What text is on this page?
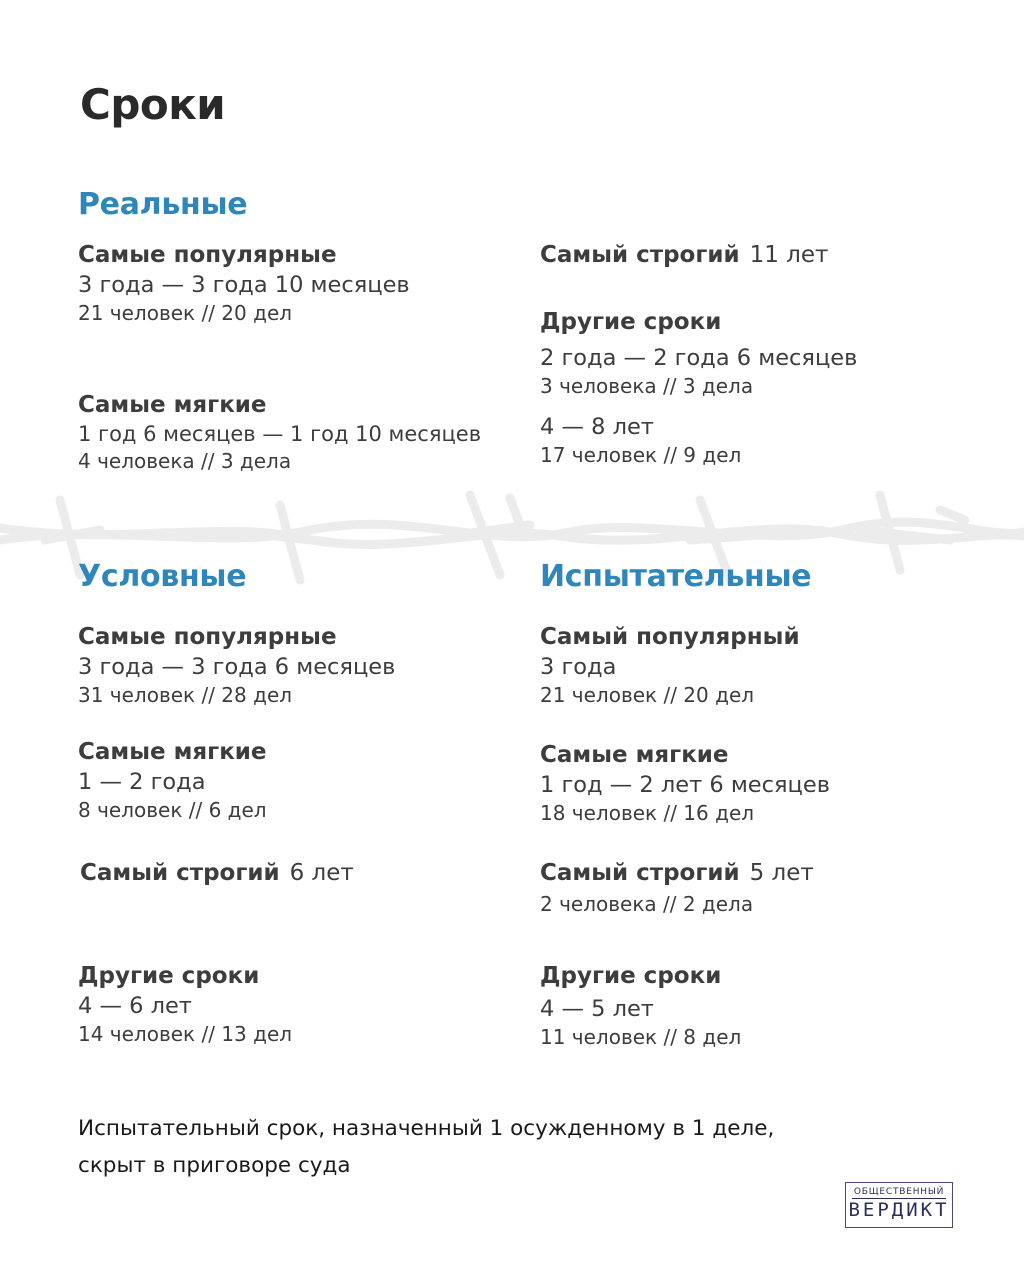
Сроки
Реальные
Самые популярные
3 года — 3 года 10 месяцев
21 человек // 20 дел
Самые мягкие
1 год 6 месяцев — 1 год 10 месяцев
4 человека // 3 дела
Самый строгий 11 лет
Другие сроки
2 года — 2 года 6 месяцев
3 человека // 3 дела
4 — 8 лет
17 человек // 9 дел
Условные
Самые популярные
3 года — 3 года 6 месяцев
31 человек // 28 дел
Самые мягкие
1 — 2 года
8 человек // 6 дел
Самый строгий 6 лет
Другие сроки
4 — 6 лет
14 человек // 13 дел
Испытательные
Самый популярный
3 года
21 человек // 20 дел
Самые мягкие
1 год — 2 лет 6 месяцев
18 человек // 16 дел
Самый строгий 5 лет
2 человека // 2 дела
Другие сроки
4 — 5 лет
11 человек // 8 дел
Испытательный срок, назначенный 1 осужденному в 1 деле,
скрыт в приговоре суда
ОБЩЕСТВЕННЫЙ
ВЕРДИКТ
